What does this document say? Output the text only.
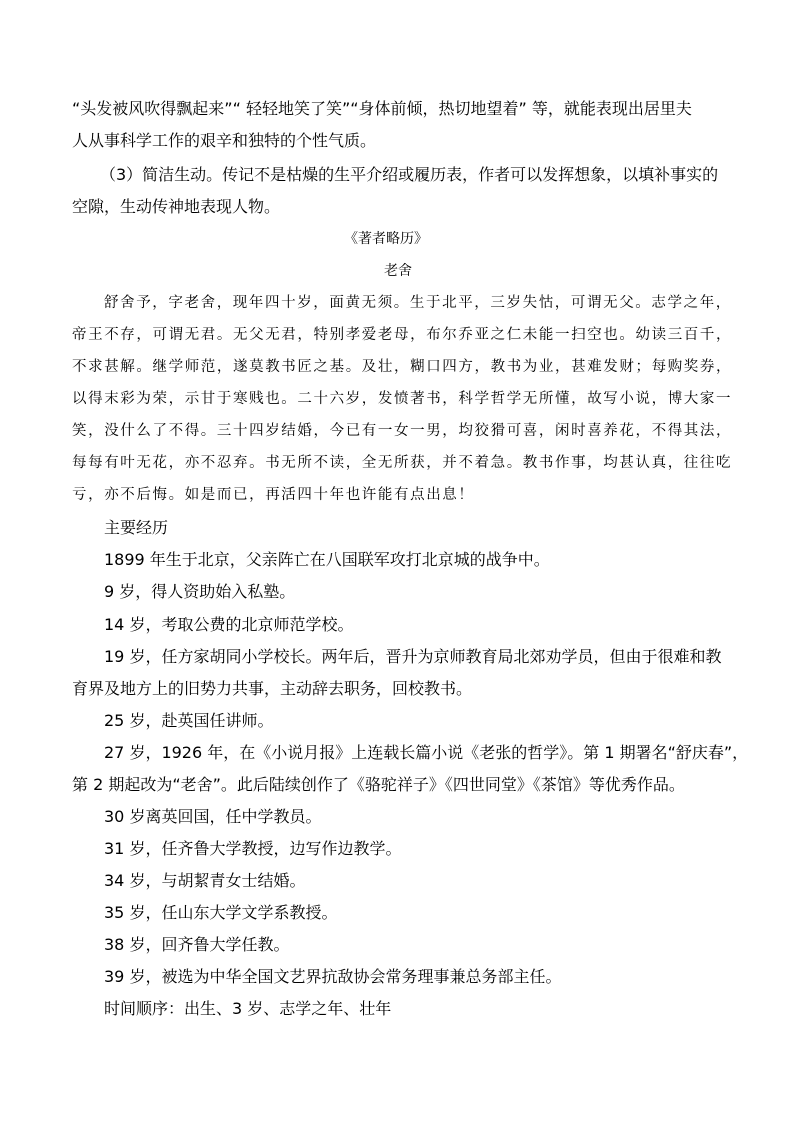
“头发被风吹得飘起来”“ 轻轻地笑了笑”“身体前倾，热切地望着” 等，就能表现出居里夫

人从事科学工作的艰辛和独特的个性气质。

（3）简洁生动。传记不是枯燥的生平介绍或履历表，作者可以发挥想象，以填补事实的

空隙，生动传神地表现人物。

《著者略历》
老舍

舒舍予，字老舍，现年四十岁，面黄无须。生于北平，三岁失怙，可谓无父。志学之年，

帝王不存，可谓无君。无父无君，特别孝爱老母，布尔乔亚之仁未能一扫空也。幼读三百千，

不求甚解。继学师范，遂莫教书匠之基。及壮，糊口四方，教书为业，甚难发财；每购奖券，

以得末彩为荣，示甘于寒贱也。二十六岁，发愤著书，科学哲学无所懂，故写小说，博大家一

笑，没什么了不得。三十四岁结婚，今已有一女一男，均狡猾可喜，闲时喜养花，不得其法，

每每有叶无花，亦不忍弃。书无所不读，全无所获，并不着急。教书作事，均甚认真，往往吃

亏，亦不后悔。如是而已，再活四十年也许能有点出息！

主要经历

1899 年生于北京，父亲阵亡在八国联军攻打北京城的战争中。

9 岁，得人资助始入私塾。

14 岁，考取公费的北京师范学校。

19 岁，任方家胡同小学校长。两年后，晋升为京师教育局北郊劝学员，但由于很难和教

育界及地方上的旧势力共事，主动辞去职务，回校教书。

25 岁，赴英国任讲师。

27 岁，1926 年，在《小说月报》上连载长篇小说《老张的哲学》。第 1 期署名“舒庆春”，

第 2 期起改为“老舍”。此后陆续创作了《骆驼祥子》《四世同堂》《茶馆》等优秀作品。

30 岁离英回国，任中学教员。

31 岁，任齐鲁大学教授，边写作边教学。

34 岁，与胡絜青女士结婚。

35 岁，任山东大学文学系教授。

38 岁，回齐鲁大学任教。

39 岁，被选为中华全国文艺界抗敌协会常务理事兼总务部主任。

时间顺序：出生、3 岁、志学之年、壮年
